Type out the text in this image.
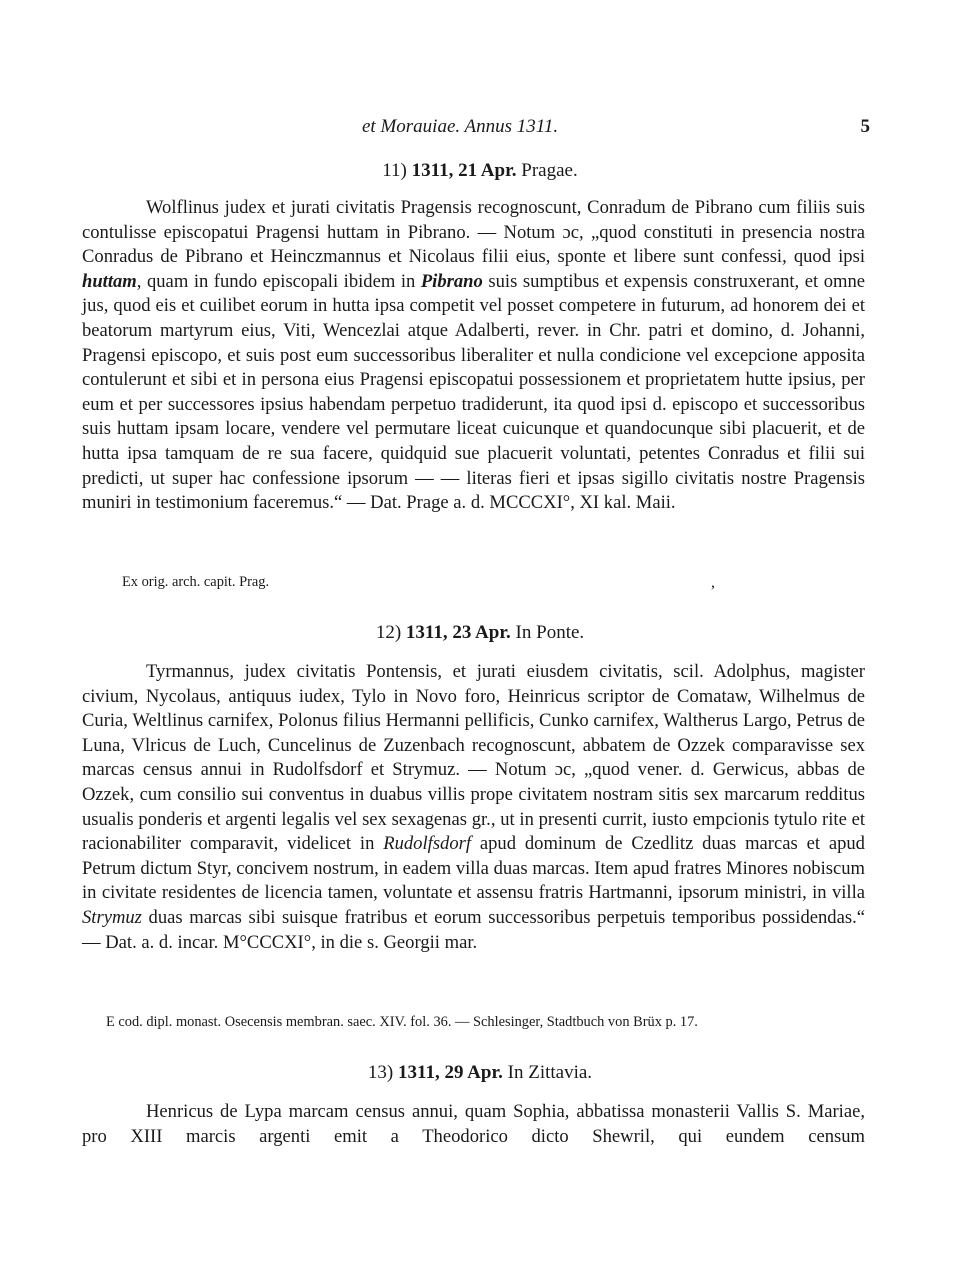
et Morauiae. Annus 1311.	5
11) 1311, 21 Apr. Pragae.

Wolflinus judex et jurati civitatis Pragensis recognoscunt, Conradum de Pibrano cum filiis suis contulisse episcopatui Pragensi huttam in Pibrano. — Notum ɔc, „quod constituti in presencia nostra Conradus de Pibrano et Heinczmannus et Nicolaus filii eius, sponte et libere sunt confessi, quod ipsi huttam, quam in fundo episcopali ibidem in Pibrano suis sumptibus et expensis construxerant, et omne jus, quod eis et cuilibet eorum in hutta ipsa competit vel posset competere in futurum, ad honorem dei et beatorum martyrum eius, Viti, Wencezlai atque Adalberti, rever. in Chr. patri et domino, d. Johanni, Pragensi episcopo, et suis post eum successoribus liberaliter et nulla condicione vel excepcione apposita contulerunt et sibi et in persona eius Pragensi episcopatui possessionem et proprietatem hutte ipsius, per eum et per successores ipsius habendam perpetuo tradiderunt, ita quod ipsi d. episcopo et successoribus suis huttam ipsam locare, vendere vel permutare liceat cuicunque et quandocunque sibi placuerit, et de hutta ipsa tamquam de re sua facere, quidquid sue placuerit voluntati, petentes Conradus et filii sui predicti, ut super hac confessione ipsorum — — literas fieri et ipsas sigillo civitatis nostre Pragensis muniri in testimonium faceremus.“ — Dat. Prage a. d. MCCCXI°, XI kal. Maii.

Ex orig. arch. capit. Prag.	,
12) 1311, 23 Apr. In Ponte.

Tyrmannus, judex civitatis Pontensis, et jurati eiusdem civitatis, scil. Adolphus, magister civium, Nycolaus, antiquus iudex, Tylo in Novo foro, Heinricus scriptor de Comataw, Wilhelmus de Curia, Weltlinus carnifex, Polonus filius Hermanni pellificis, Cunko carnifex, Waltherus Largo, Petrus de Luna, Vlricus de Luch, Cuncelinus de Zuzenbach recognoscunt, abbatem de Ozzek comparavisse sex marcas census annui in Rudolfsdorf et Strymuz. — Notum ɔc, „quod vener. d. Gerwicus, abbas de Ozzek, cum consilio sui conventus in duabus villis prope civitatem nostram sitis sex marcarum redditus usualis ponderis et argenti legalis vel sex sexagenas gr., ut in presenti currit, iusto empcionis tytulo rite et racionabiliter comparavit, videlicet in Rudolfsdorf apud dominum de Czedlitz duas marcas et apud Petrum dictum Styr, concivem nostrum, in eadem villa duas marcas. Item apud fratres Minores nobiscum in civitate residentes de licencia tamen, voluntate et assensu fratris Hartmanni, ipsorum ministri, in villa Strymuz duas marcas sibi suisque fratribus et eorum successoribus perpetuis temporibus possidendas.“ — Dat. a. d. incar. M°CCCXI°, in die s. Georgii mar.

E cod. dipl. monast. Osecensis membran. saec. XIV. fol. 36. — Schlesinger, Stadtbuch von Brüx p. 17.
13) 1311, 29 Apr. In Zittavia.

Henricus de Lypa marcam census annui, quam Sophia, abbatissa monasterii Vallis S. Mariae, pro XIII marcis argenti emit a Theodorico dicto Shewril, qui eundem censum
